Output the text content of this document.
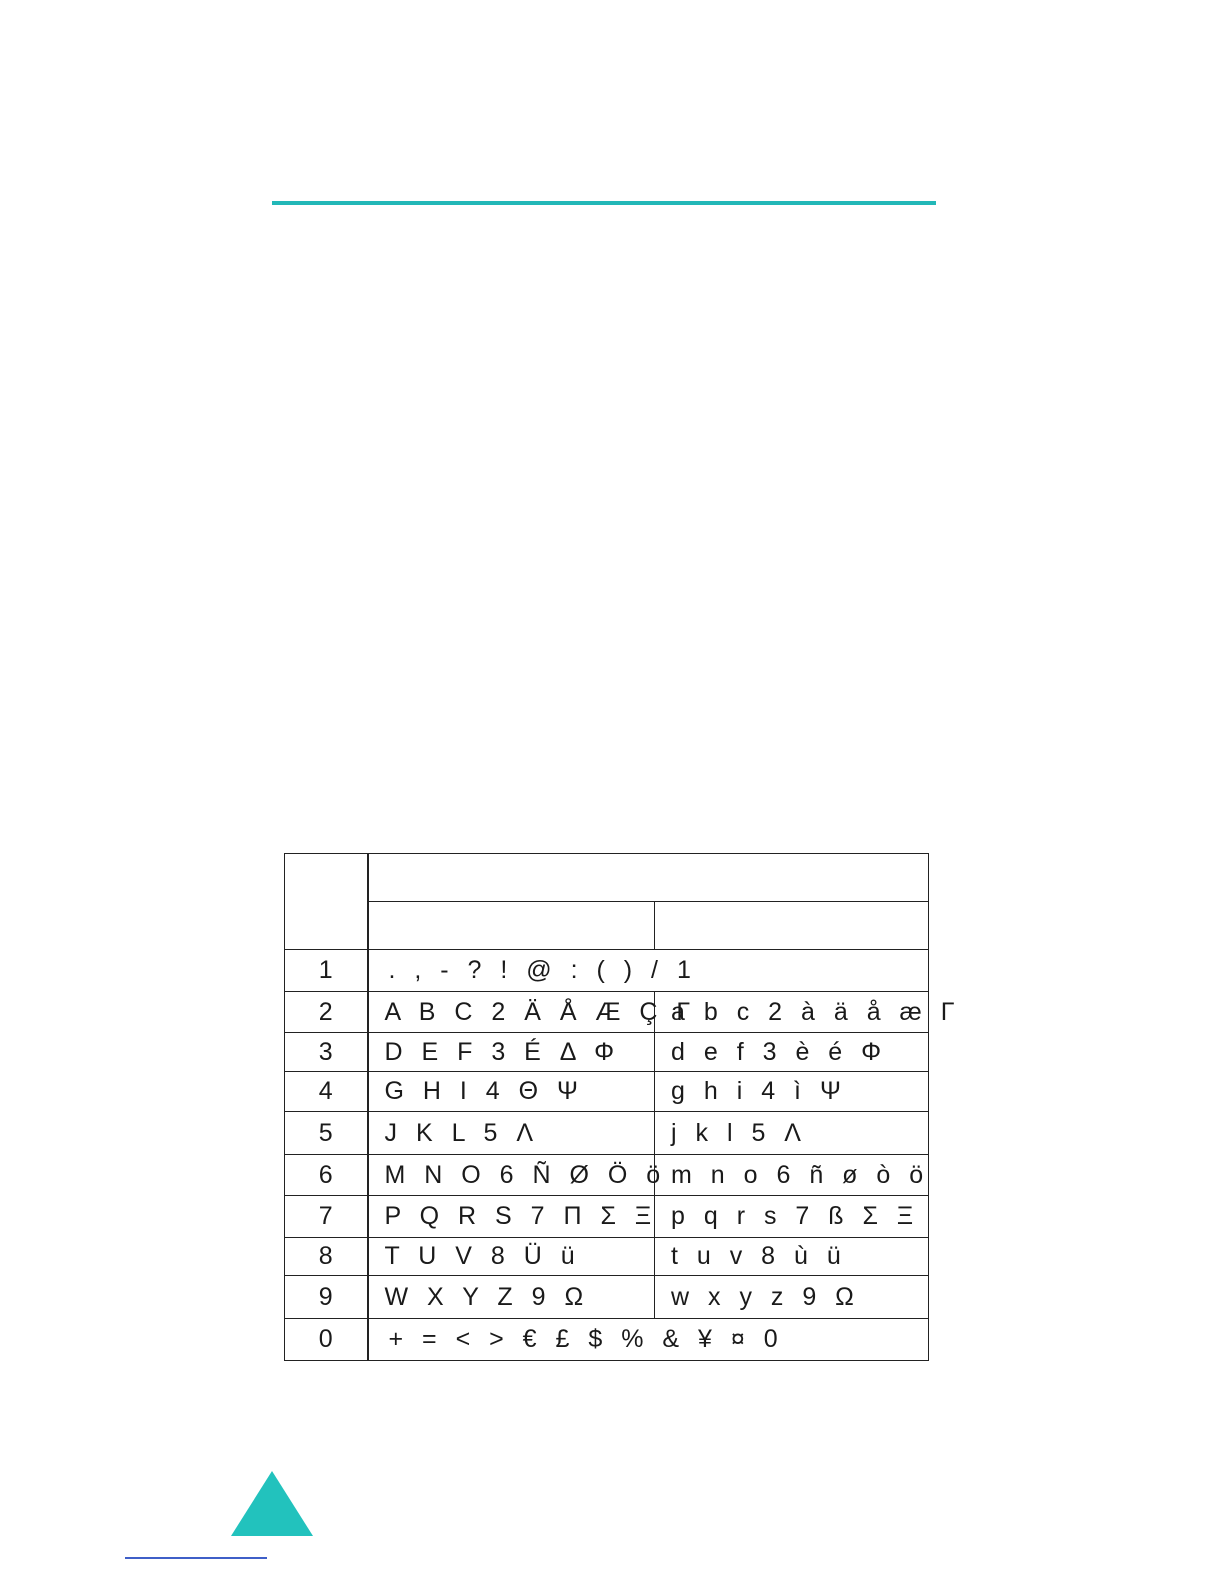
1	. , - ? ! @ : ( ) / 1	
2	A B C 2 Ä Å Æ Ç Γ	a b c 2 à ä å æ Γ
3	D E F 3 É Δ Φ	d e f 3 è é Φ
4	G H I 4 Θ Ψ	g h i 4 ì Ψ
5	J K L 5 Λ	j k l 5 Λ
6	M N O 6 Ñ Ø Ö ö	m n o 6 ñ ø ò ö
7	P Q R S 7 Π Σ Ξ	p q r s 7 ß Σ Ξ
8	T U V 8 Ü ü	t u v 8 ù ü
9	W X Y Z 9 Ω	w x y z 9 Ω
0	+ = < > € £ $ % & ¥ ¤ 0	
